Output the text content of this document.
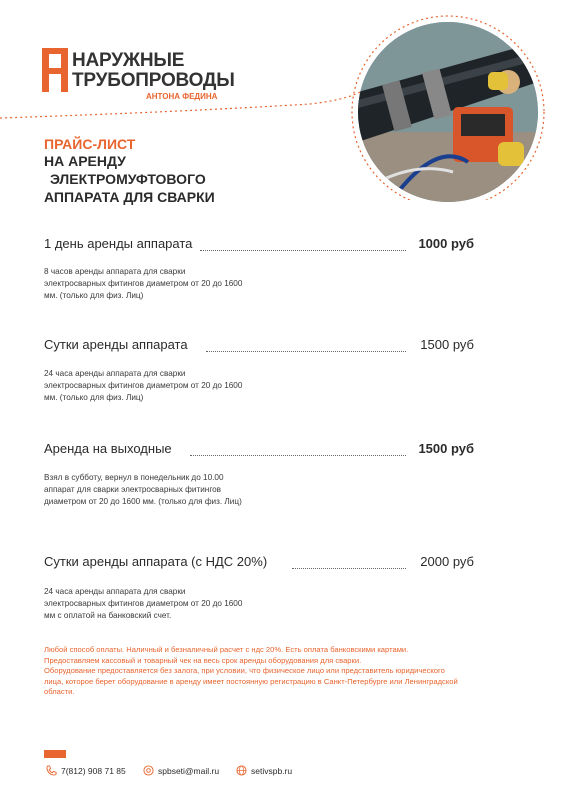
НАРУЖНЫЕ
ТРУБОПРОВОДЫ
АНТОНА ФЕДИНА
ПРАЙС-ЛИСТ
НА АРЕНДУ
ЭЛЕКТРОМУФТОВОГО
АППАРАТА ДЛЯ СВАРКИ
1 день аренды аппарата	1000 руб
8 часов аренды аппарата для сварки
электросварных фитингов диаметром от 20 до 1600
мм. (только для физ. Лиц)
Сутки аренды аппарата	1500 руб
24 часа аренды аппарата для сварки
электросварных фитингов диаметром от 20 до 1600
мм. (только для физ. Лиц)
Аренда на выходные	1500 руб
Взял в субботу, вернул в понедельник до 10.00
аппарат для сварки электросварных фитингов
диаметром от 20 до 1600 мм. (только для физ. Лиц)
Сутки аренды аппарата (с НДС 20%)	2000 руб
24 часа аренды аппарата для сварки
электросварных фитингов диаметром от 20 до 1600
мм с оплатой на банковский счет.
Любой способ оплаты. Наличный и безналичный расчет с ндс 20%. Есть оплата банковскими картами.
Предоставляем кассовый и товарный чек на весь срок аренды оборудования для сварки.
Оборудование предоставляется без залога, при условии, что физическое лицо или представитель юридического
лица, которое берет оборудование в аренду имеет постоянную регистрацию в Санкт-Петербурге или Ленинградской
области.
7(812) 908 71 85	spbseti@mail.ru	setivspb.ru
